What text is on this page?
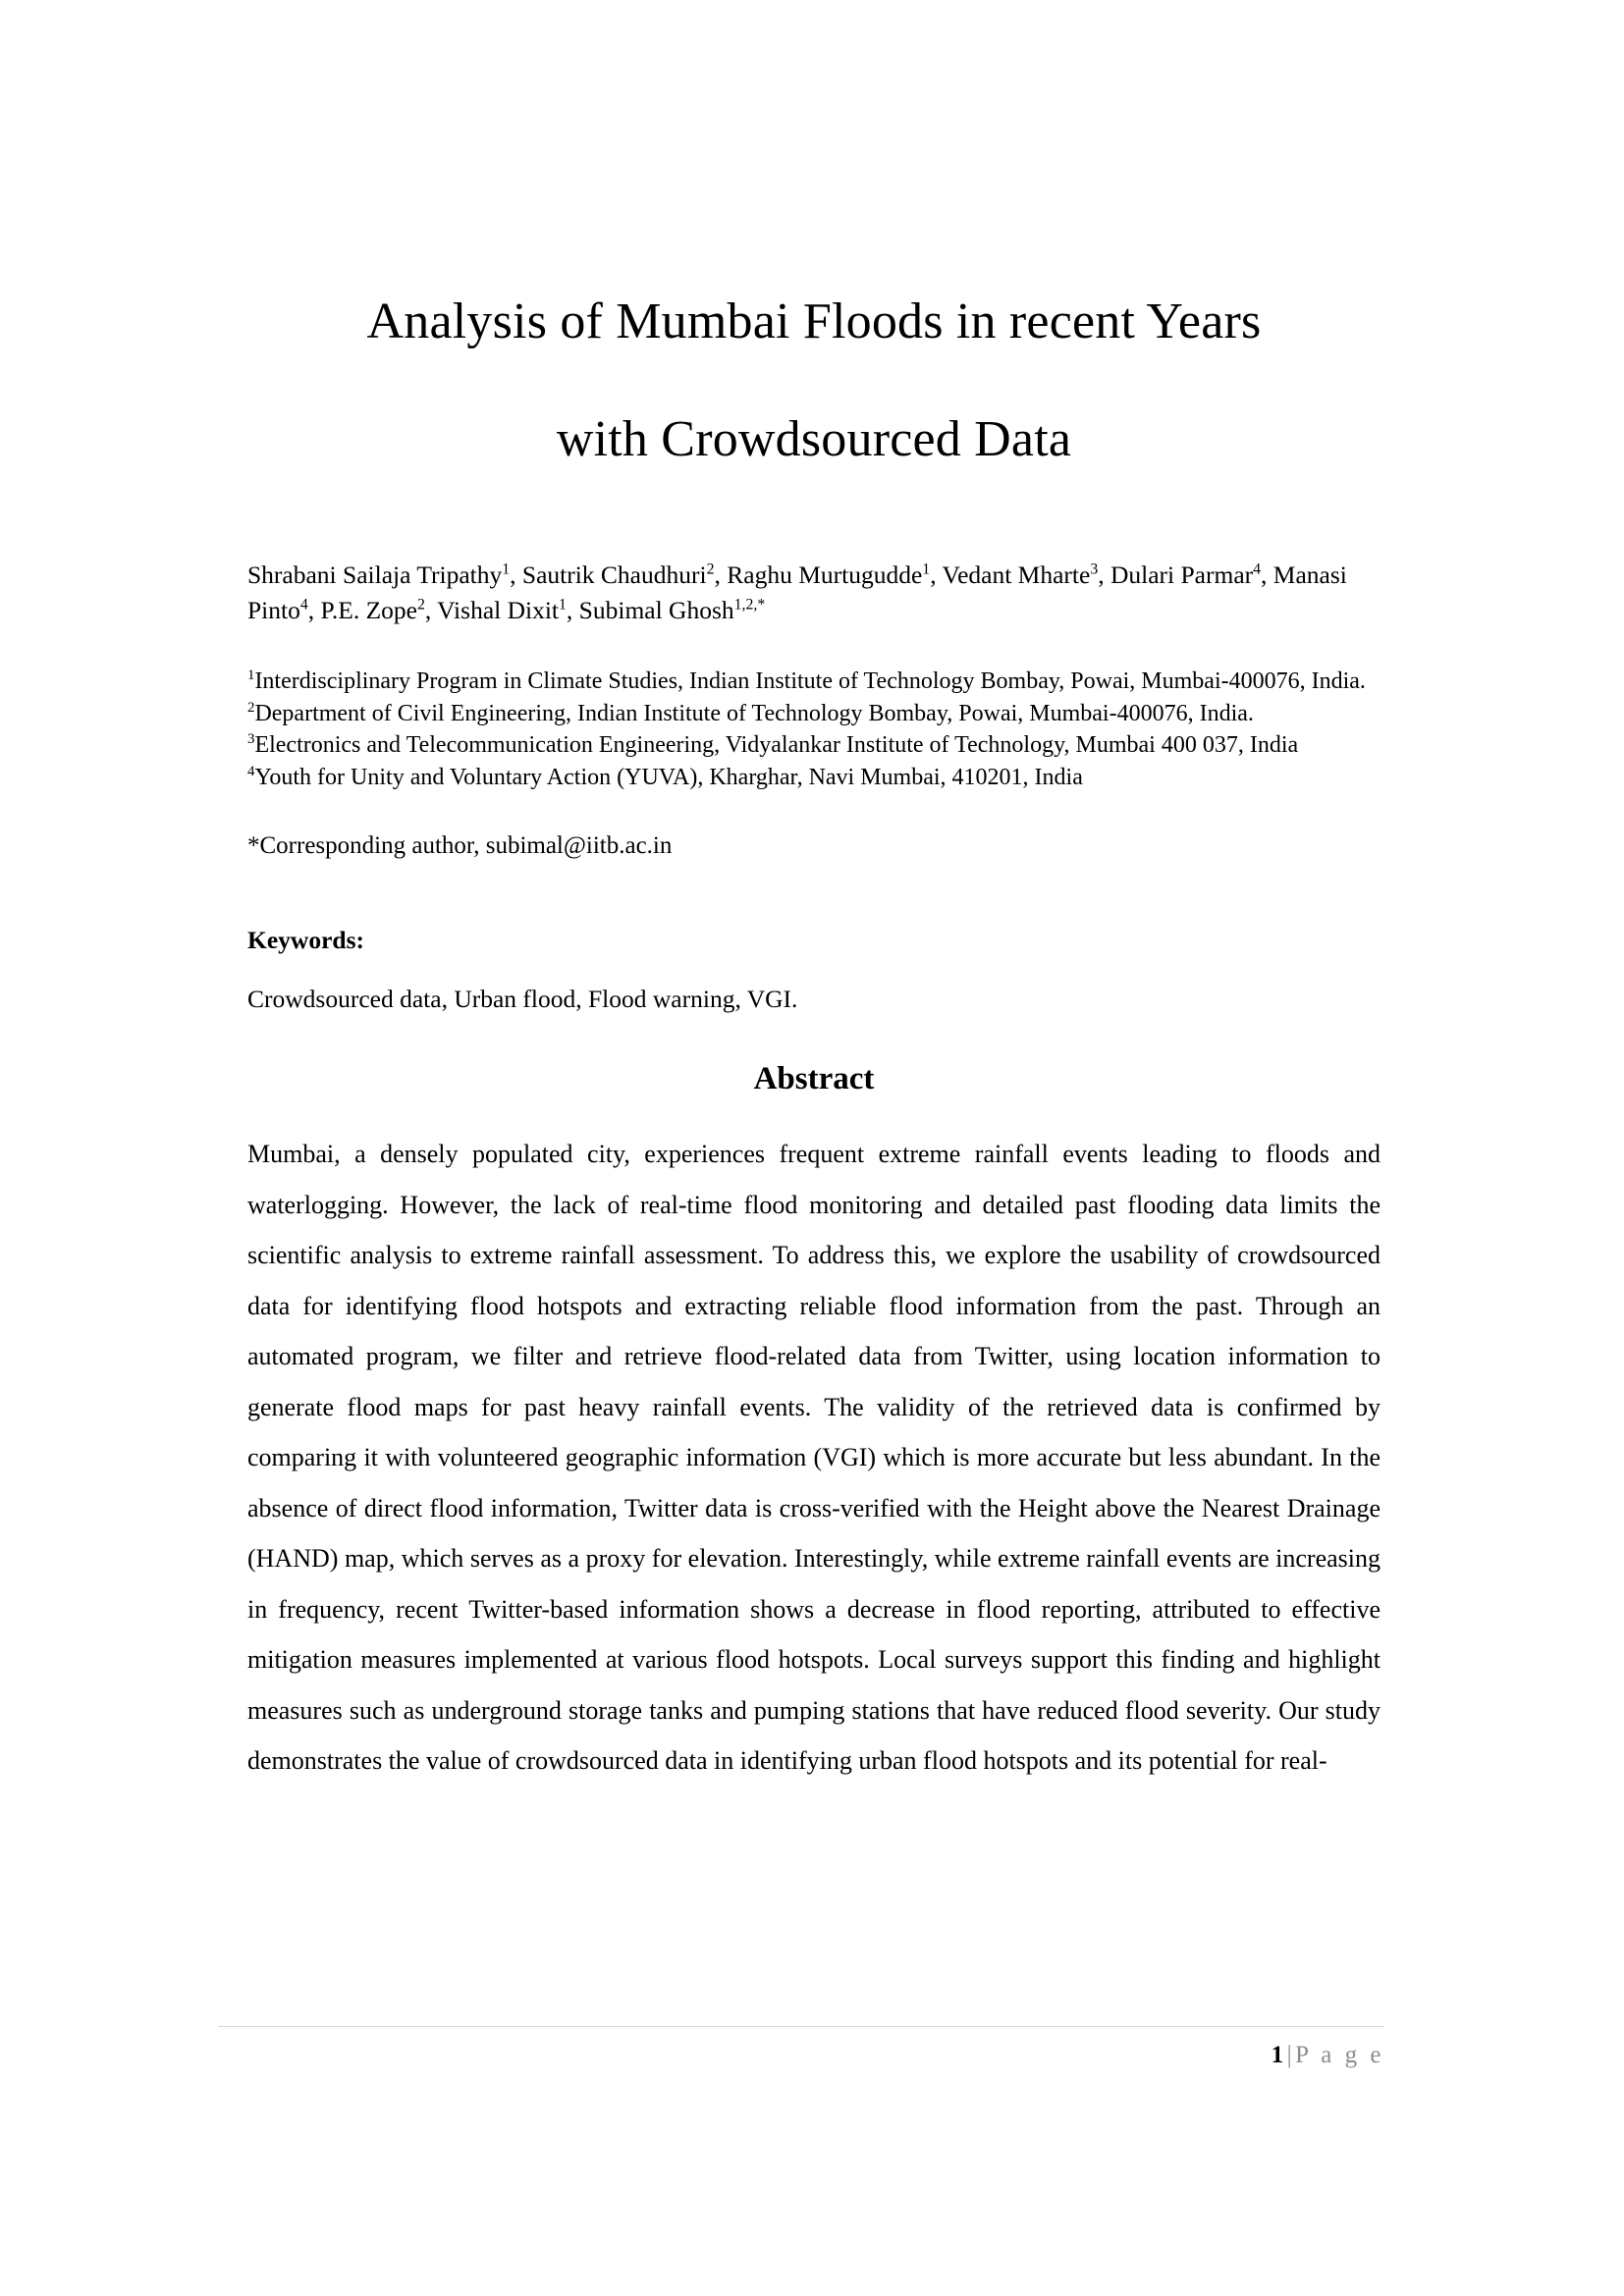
Analysis of Mumbai Floods in recent Years
with Crowdsourced Data
Shrabani Sailaja Tripathy$^1$, Sautrik Chaudhuri$^2$, Raghu Murtugudde$^1$, Vedant Mharte$^3$, Dulari Parmar$^4$, Manasi Pinto$^4$, P.E. Zope$^2$, Vishal Dixit$^1$, Subimal Ghosh$^{1,2,*}$

$^1$Interdisciplinary Program in Climate Studies, Indian Institute of Technology Bombay, Powai, Mumbai-400076, India.

$^2$Department of Civil Engineering, Indian Institute of Technology Bombay, Powai, Mumbai-400076, India.

$^3$Electronics and Telecommunication Engineering, Vidyalankar Institute of Technology, Mumbai 400 037, India

$^4$Youth for Unity and Voluntary Action (YUVA), Kharghar, Navi Mumbai, 410201, India

*Corresponding author, subimal@iitb.ac.in
Keywords:
Crowdsourced data, Urban flood, Flood warning, VGI.
Abstract
Mumbai, a densely populated city, experiences frequent extreme rainfall events leading to floods and waterlogging. However, the lack of real-time flood monitoring and detailed past flooding data limits the scientific analysis to extreme rainfall assessment. To address this, we explore the usability of crowdsourced data for identifying flood hotspots and extracting reliable flood information from the past. Through an automated program, we filter and retrieve flood-related data from Twitter, using location information to generate flood maps for past heavy rainfall events. The validity of the retrieved data is confirmed by comparing it with volunteered geographic information (VGI) which is more accurate but less abundant. In the absence of direct flood information, Twitter data is cross-verified with the Height above the Nearest Drainage (HAND) map, which serves as a proxy for elevation. Interestingly, while extreme rainfall events are increasing in frequency, recent Twitter-based information shows a decrease in flood reporting, attributed to effective mitigation measures implemented at various flood hotspots. Local surveys support this finding and highlight measures such as underground storage tanks and pumping stations that have reduced flood severity. Our study demonstrates the value of crowdsourced data in identifying urban flood hotspots and its potential for real-
1|P a g e
